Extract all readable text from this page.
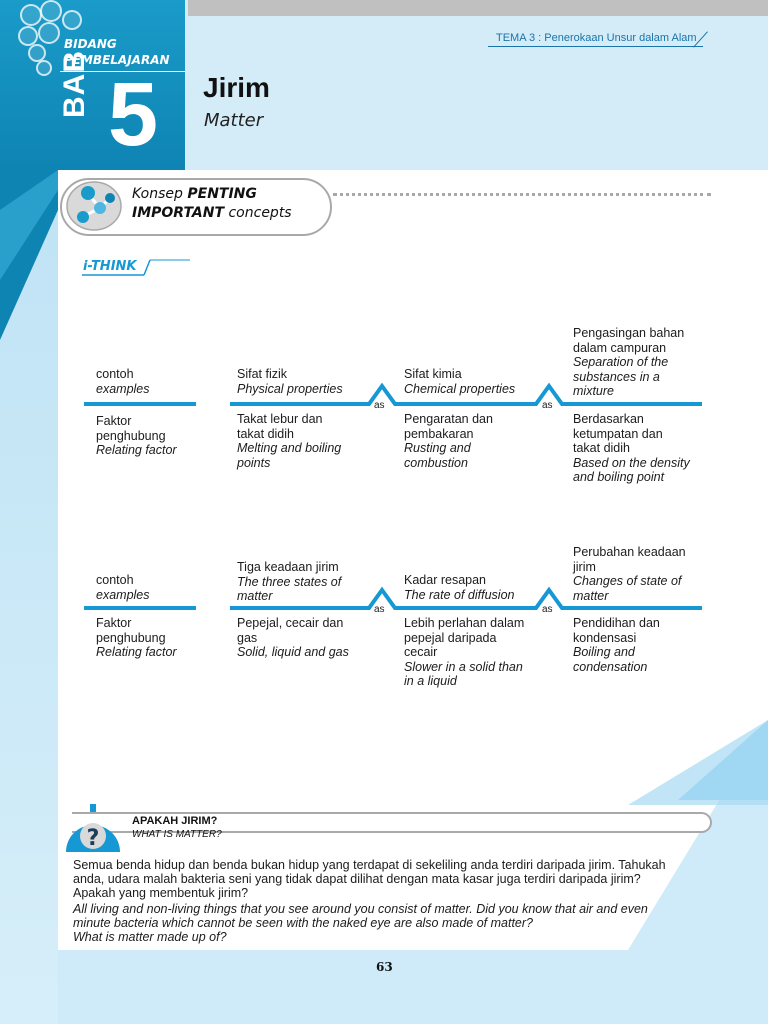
BIDANG
PEMBELAJARAN
BAB 5
TEMA 3 : Penerokaan Unsur dalam Alam
Jirim
Matter
Konsep PENTING
IMPORTANT concepts
i-THINK
as	as
contoh
examples
Faktor
penghubung
Relating factor
Sifat fizik
Physical properties
Takat lebur dan
takat didih
Melting and boiling
points
Sifat kimia
Chemical properties
Pengaratan dan
pembakaran
Rusting and
combustion
Pengasingan bahan
dalam campuran
Separation of the
substances in a
mixture
Berdasarkan
ketumpatan dan
takat didih
Based on the density
and boiling point
as	as
contoh
examples
Faktor
penghubung
Relating factor
Tiga keadaan jirim
The three states of
matter
Pepejal, cecair dan
gas
Solid, liquid and gas
Kadar resapan
The rate of diffusion
Lebih perlahan dalam
pepejal daripada
cecair
Slower in a solid than
in a liquid
Perubahan keadaan
jirim
Changes of state of
matter
Pendidihan dan
kondensasi
Boiling and
condensation
?
APAKAH JIRIM?
WHAT IS MATTER?
Semua benda hidup dan benda bukan hidup yang terdapat di sekeliling anda terdiri daripada jirim. Tahukah
anda, udara malah bakteria seni yang tidak dapat dilihat dengan mata kasar juga terdiri daripada jirim?
Apakah yang membentuk jirim?
All living and non-living things that you see around you consist of matter. Did you know that air and even
minute bacteria which cannot be seen with the naked eye are also made of matter?
What is matter made up of?
63
